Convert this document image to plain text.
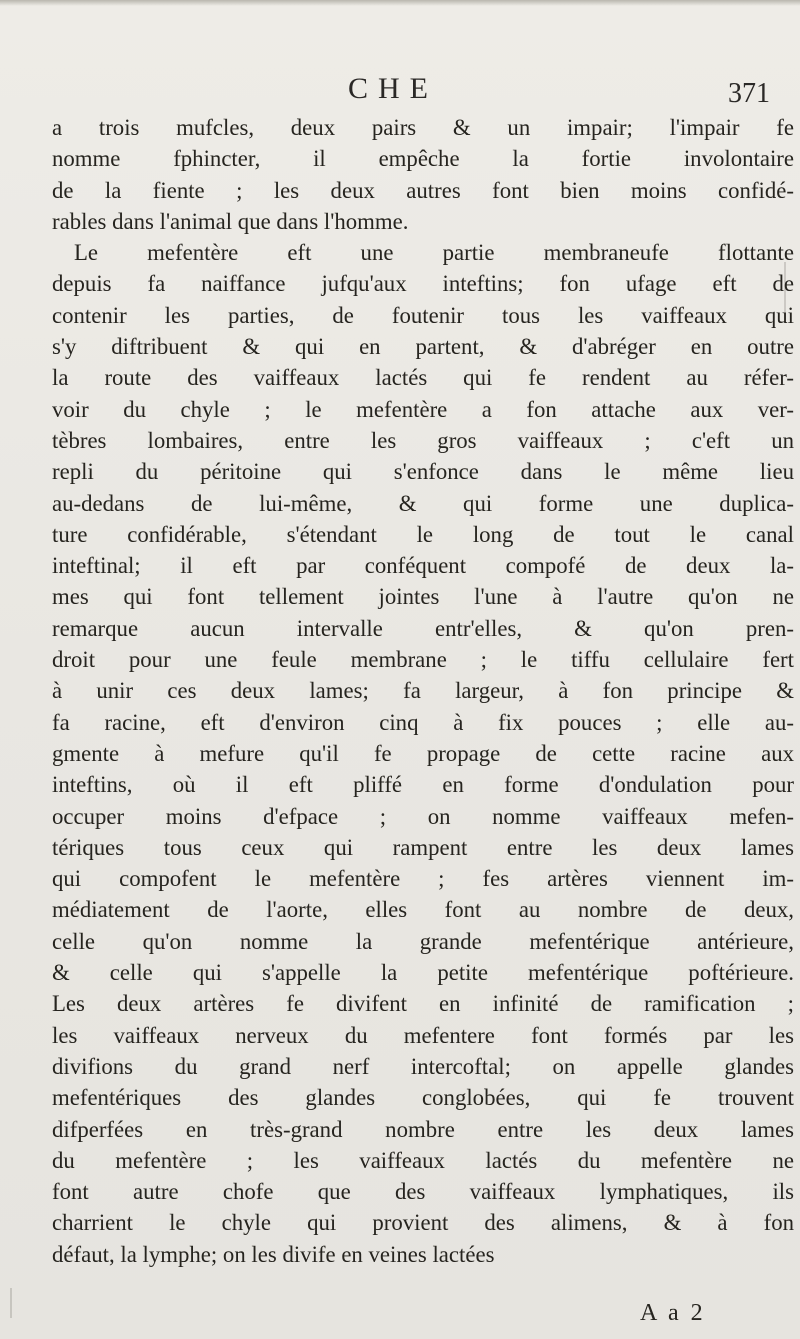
CHE	371
a trois mufcles, deux pairs & un impair; l'impair fe
nomme fphincter, il empêche la fortie involontaire
de la fiente ; les deux autres font bien moins confidé-
rables dans l'animal que dans l'homme.
Le mefentère eft une partie membraneufe flottante
depuis fa naiffance jufqu'aux inteftins; fon ufage eft de
contenir les parties, de foutenir tous les vaiffeaux qui
s'y diftribuent & qui en partent, & d'abréger en outre
la route des vaiffeaux lactés qui fe rendent au réfer-
voir du chyle ; le mefentère a fon attache aux ver-
tèbres lombaires, entre les gros vaiffeaux ; c'eft un
repli du péritoine qui s'enfonce dans le même lieu
au-dedans de lui-même, & qui forme une duplica-
ture confidérable, s'étendant le long de tout le canal
inteftinal; il eft par conféquent compofé de deux la-
mes qui font tellement jointes l'une à l'autre qu'on ne
remarque aucun intervalle entr'elles, & qu'on pren-
droit pour une feule membrane ; le tiffu cellulaire fert
à unir ces deux lames; fa largeur, à fon principe &
fa racine, eft d'environ cinq à fix pouces ; elle au-
gmente à mefure qu'il fe propage de cette racine aux
inteftins, où il eft pliffé en forme d'ondulation pour
occuper moins d'efpace ; on nomme vaiffeaux mefen-
tériques tous ceux qui rampent entre les deux lames
qui compofent le mefentère ; fes artères viennent im-
médiatement de l'aorte, elles font au nombre de deux,
celle qu'on nomme la grande mefentérique antérieure,
& celle qui s'appelle la petite mefentérique poftérieure.
Les deux artères fe divifent en infinité de ramification ;
les vaiffeaux nerveux du mefentere font formés par les
divifions du grand nerf intercoftal; on appelle glandes
mefentériques des glandes conglobées, qui fe trouvent
difperfées en très-grand nombre entre les deux lames
du mefentère ; les vaiffeaux lactés du mefentère ne
font autre chofe que des vaiffeaux lymphatiques, ils
charrient le chyle qui provient des alimens, & à fon
défaut, la lymphe; on les divife en veines lactées
A a 2
